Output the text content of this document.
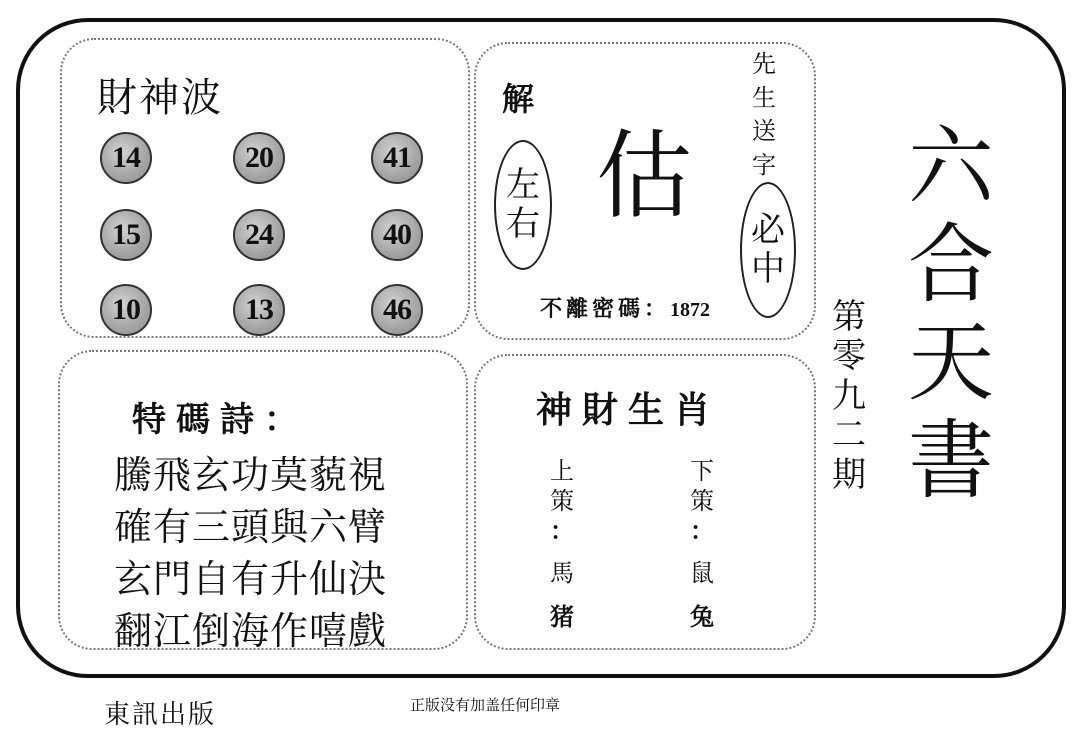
財神波
14	20	41
15	24	40
10	13	46
解
估
左
右
先
生
送
字
必
中
不離密碼：1872
六
合
天
書
第
零
九
二
期
特碼詩：
騰飛玄功莫藐視
確有三頭與六臂
玄門自有升仙決
翻江倒海作嘻戲
神財生肖
上
策
：
馬
猪
下
策
：
鼠
兔
東訊出版	正版没有加盖任何印章
